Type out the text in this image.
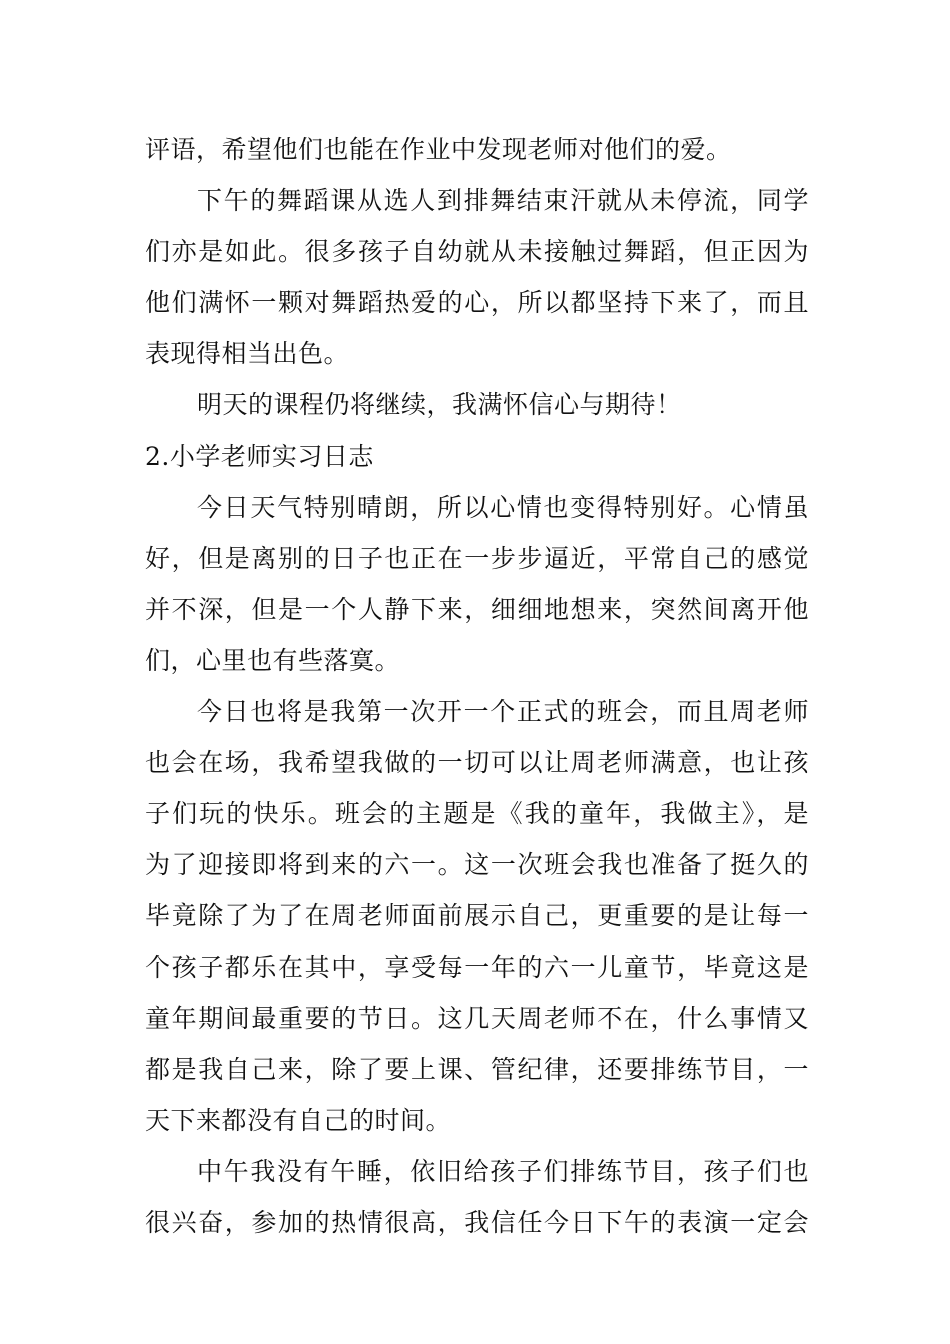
评语，希望他们也能在作业中发现老师对他们的爱。
下午的舞蹈课从选人到排舞结束汗就从未停流，同学
们亦是如此。很多孩子自幼就从未接触过舞蹈，但正因为
他们满怀一颗对舞蹈热爱的心，所以都坚持下来了，而且
表现得相当出色。
明天的课程仍将继续，我满怀信心与期待！
2.小学老师实习日志
今日天气特别晴朗，所以心情也变得特别好。心情虽
好，但是离别的日子也正在一步步逼近，平常自己的感觉
并不深，但是一个人静下来，细细地想来，突然间离开他
们，心里也有些落寞。
今日也将是我第一次开一个正式的班会，而且周老师
也会在场，我希望我做的一切可以让周老师满意，也让孩
子们玩的快乐。班会的主题是《我的童年，我做主》，是
为了迎接即将到来的六一。这一次班会我也准备了挺久的
毕竟除了为了在周老师面前展示自己，更重要的是让每一
个孩子都乐在其中，享受每一年的六一儿童节，毕竟这是
童年期间最重要的节日。这几天周老师不在，什么事情又
都是我自己来，除了要上课、管纪律，还要排练节目，一
天下来都没有自己的时间。
中午我没有午睡，依旧给孩子们排练节目，孩子们也
很兴奋，参加的热情很高，我信任今日下午的表演一定会
